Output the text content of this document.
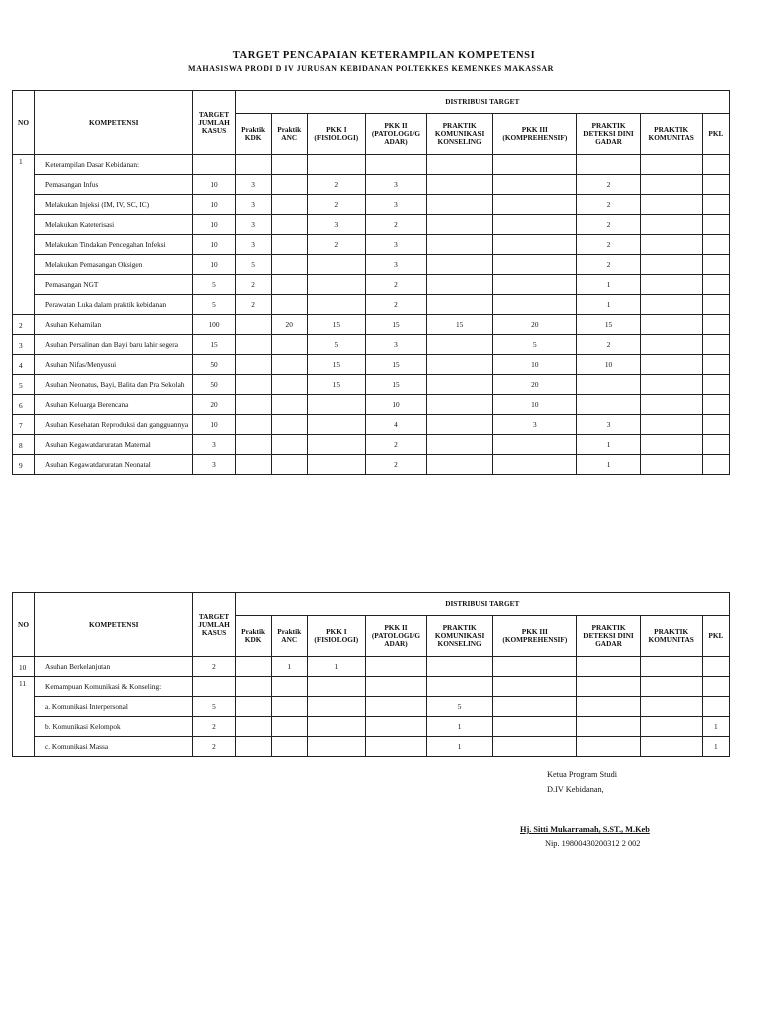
TARGET PENCAPAIAN KETERAMPILAN KOMPETENSI
MAHASISWA PRODI D IV JURUSAN KEBIDANAN POLTEKKES KEMENKES MAKASSAR
NO	KOMPETENSI	TARGET JUMLAH KASUS	DISTRIBUSI TARGET								
			Praktik KDK	Praktik ANC	PKK I (FISIOLOGI)	PKK II (PATOLOGI/G ADAR)	PRAKTIK KOMUNIKASI KONSELING	PKK III (KOMPREHENSIF)	PRAKTIK DETEKSI DINI GADAR	PRAKTIK KOMUNITAS	PKL
1	Keterampilan Dasar Kebidanan:										
	Pemasangan Infus	10	3		2	3			2		
	Melakukan Injeksi (IM, IV, SC, IC)	10	3		2	3			2		
	Melakukan Kateterisasi	10	3		3	2			2		
	Melakukan Tindakan Pencegahan Infeksi	10	3		2	3			2		
	Melakukan Pemasangan Oksigen	10	5			3			2		
	Pemasangan NGT	5	2			2			1		
	Perawatan Luka dalam praktik kebidanan	5	2			2			1		
2	Asuhan Kehamilan	100		20	15	15	15	20	15		
3	Asuhan Persalinan dan Bayi baru lahir segera	15			5	3		5	2		
4	Asuhan Nifas/Menyusui	50			15	15		10	10		
5	Asuhan Neonatus, Bayi, Balita dan Pra Sekolah	50			15	15		20			
6	Asuhan Keluarga Berencana	20				10		10			
7	Asuhan Kesehatan Reproduksi dan gangguannya	10				4		3	3		
8	Asuhan Kegawatdaruratan Maternal	3				2			1		
9	Asuhan Kegawatdaruratan Neonatal	3				2			1		
NO	KOMPETENSI	TARGET JUMLAH KASUS	DISTRIBUSI TARGET								
			Praktik KDK	Praktik ANC	PKK I (FISIOLOGI)	PKK II (PATOLOGI/G ADAR)	PRAKTIK KOMUNIKASI KONSELING	PKK III (KOMPREHENSIF)	PRAKTIK DETEKSI DINI GADAR	PRAKTIK KOMUNITAS	PKL
10	Asuhan Berkelanjutan	2		1	1						
11	Kemampuan Komunikasi & Konseling:										
	a. Komunikasi Interpersonal	5					5				
	b. Komunikasi Kelompok	2					1				1
	c. Komunikasi Massa	2					1				1
Ketua Program Studi
D.IV Kebidanan,
Hj. Sitti Mukarramah, S.ST., M.Keb
Nip. 19800430200312 2 002
